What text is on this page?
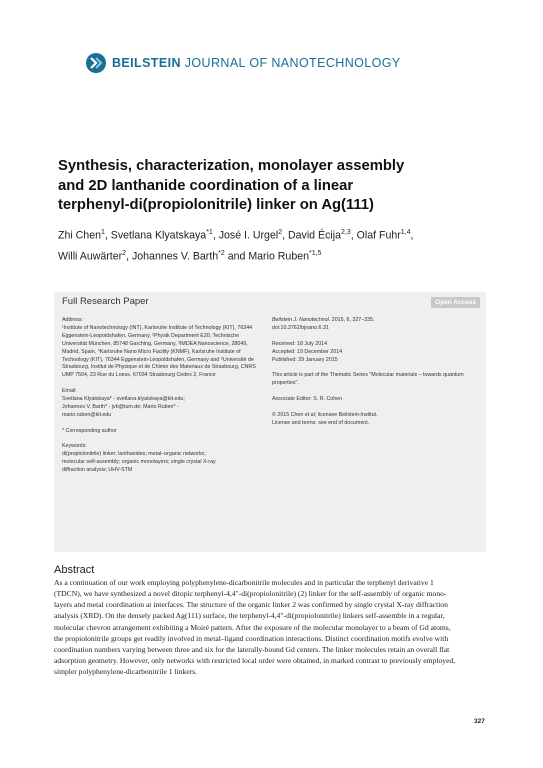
BEILSTEIN JOURNAL OF NANOTECHNOLOGY
Synthesis, characterization, monolayer assembly
and 2D lanthanide coordination of a linear
terphenyl-di(propiolonitrile) linker on Ag(111)
Zhi Chen$^1$, Svetlana Klyatskaya$^{*1}$, José I. Urgel$^2$, David Écija$^{2,3}$, Olaf Fuhr$^{1,4}$,
Willi Auwärter$^2$, Johannes V. Barth$^{*2}$ and Mario Ruben$^{*1,5}$
Full Research Paper	Open Access

Address:
¹Institute of Nanotechnology (INT), Karlsruhe Institute of Technology (KIT), 76344 Eggenstein-Leopoldshafen, Germany, ²Physik Department E20, Technische Universität München, 85748 Garching, Germany, ³IMDEA Nanoscience, 28049, Madrid, Spain, ⁴Karlsruhe Nano Micro Facility (KNMF), Karlsruhe Institute of Technology (KIT), 76344 Eggenstein-Leopoldshafen, Germany and ⁵Université de Strasbourg, Institut de Physique et de Chimie des Materiaux de Strasbourg, CNRS UMP 7504, 23 Rue du Loess, 67034 Strasbourg Cedex 2, France

Email:
Svetlana Klyatskaya* - svetlana.klyatskaya@kit.edu;
Johannes V. Barth* - jvb@tum.de; Mario Ruben* -
mario.ruben@kit.edu

* Corresponding author

Keywords:
di(propiolonitrile) linker; lanthanides; metal–organic networks;
molecular self-assembly; organic monolayers; single crystal X-ray
diffraction analysis; UHV-STM

Beilstein J. Nanotechnol. 2015, 6, 327–335.
doi:10.3762/bjnano.6.31

Received: 18 July 2014
Accepted: 19 December 2014
Published: 29 January 2015

This article is part of the Thematic Series "Molecular materials – towards quantum properties".

Associate Editor: S. R. Cohen

© 2015 Chen et al; licensee Beilstein-Institut.
License and terms: see end of document.

Abstract
As a continuation of our work employing polyphenylene-dicarbonitrile molecules and in particular the terphenyl derivative 1
(TDCN), we have synthesized a novel ditopic terphenyl-4,4"-di(propiolonitrile) (2) linker for the self-assembly of organic mono-
layers and metal coordination at interfaces. The structure of the organic linker 2 was confirmed by single crystal X-ray diffraction
analysis (XRD). On the densely packed Ag(111) surface, the terphenyl-4,4"-di(propiolonitrile) linkers self-assemble in a regular,
molecular chevron arrangement exhibiting a Moiré pattern. After the exposure of the molecular monolayer to a beam of Gd atoms,
the propiolonitrile groups get readily involved in metal–ligand coordination interactions. Distinct coordination motifs evolve with
coordination numbers varying between three and six for the laterally-bound Gd centers. The linker molecules retain an overall flat
adsorption geometry. However, only networks with restricted local order were obtained, in marked contrast to previously employed,
simpler polyphenylene-dicarbonitrile 1 linkers.
327
